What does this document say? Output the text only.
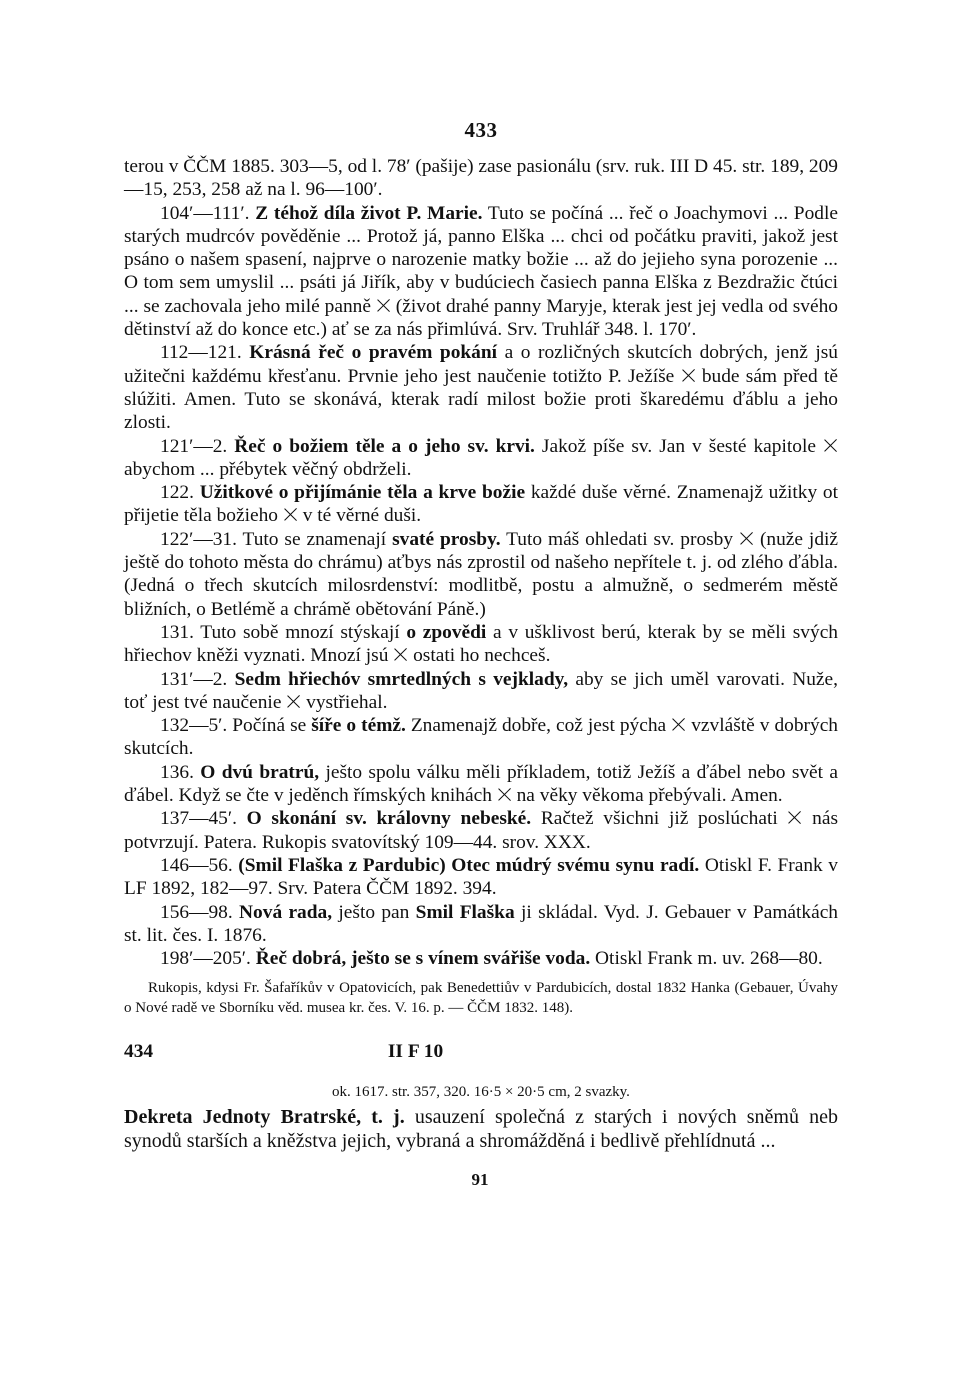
433

terou v ČČM 1885. 303—5, od l. 78′ (pašije) zase pasionálu (srv. ruk. III D 45. str. 189, 209—15, 253, 258 až na l. 96—100′.

104′—111′. Z téhož díla život P. Marie. Tuto se počíná ... řeč o Joachymovi ... Podle starých mudrcóv pověděnie ... Protož já, panno Elška ... chci od počátku praviti, jakož jest psáno o našem spasení, najprve o narozenie matky božie ... až do jejieho syna porozenie ... O tom sem umyslil ... psáti já Jiřík, aby v budúciech časiech panna Elška z Bezdražic čtúci ... se zachovala jeho milé panně  (život drahé panny Maryje, kterak jest jej vedla od svého dětinství až do konce etc.) ať se za nás přimlúvá. Srv. Truhlář 348. l. 170′.

112—121. Krásná řeč o pravém pokání a o rozličných skutcích dobrých, jenž jsú užitečni každému křesťanu. Prvnie jeho jest naučenie totižto P. Ježíše  bude sám před tě slúžiti. Amen. Tuto se skonává, kterak radí milost božie proti škaredému ďáblu a jeho zlosti.

121′—2. Řeč o božiem těle a o jeho sv. krvi. Jakož píše sv. Jan v šesté kapitole  abychom ... přébytek věčný obdrželi.

122. Užitkové o přijímánie těla a krve božie každé duše věrné. Znamenajž užitky ot přijetie těla božieho  v té věrné duši.

122′—31. Tuto se znamenají svaté prosby. Tuto máš ohledati sv. prosby  (nuže jdiž ještě do tohoto města do chrámu) aťbys nás zprostil od našeho nepřítele t. j. od zlého ďábla. (Jedná o třech skutcích milosrdenství: modlitbě, postu a almužně, o sedmerém městě bližních, o Betlémě a chrámě obětování Páně.)

131. Tuto sobě mnozí stýskají o zpovědi a v ušklivost berú, kterak by se měli svých hřiechov kněži vyznati. Mnozí jsú  ostati ho nechceš.

131′—2. Sedm hřiechóv smrtedlných s vejklady, aby se jich uměl varovati. Nuže, toť jest tvé naučenie  vystřiehal.

132—5′. Počíná se šíře o témž. Znamenajž dobře, což jest pýcha  vzvláště v dobrých skutcích.

136. O dvú bratrú, ješto spolu válku měli příkladem, totiž Ježíš a ďábel nebo svět a ďábel. Když se čte v jeděnch římských knihách  na věky věkoma přebývali. Amen.

137—45′. O skonání sv. královny nebeské. Račtež všichni již poslúchati  nás potvrzují. Patera. Rukopis svatovítský 109—44. srov. XXX.

146—56. (Smil Flaška z Pardubic) Otec múdrý svému synu radí. Otiskl F. Frank v LF 1892, 182—97. Srv. Patera ČČM 1892. 394.

156—98. Nová rada, ješto pan Smil Flaška ji skládal. Vyd. J. Gebauer v Památkách st. lit. čes. I. 1876.

198′—205′. Řeč dobrá, ješto se s vínem svářiše voda. Otiskl Frank m. uv. 268—80.

Rukopis, kdysi Fr. Šafaříkův v Opatovicích, pak Benedettiův v Pardubicích, dostal 1832 Hanka (Gebauer, Úvahy o Nové radě ve Sborníku věd. musea kr. čes. V. 16. p. — ČČM 1832. 148).

434	II F 10
ok. 1617. str. 357, 320. 16·5 × 20·5 cm, 2 svazky.

Dekreta Jednoty Bratrské, t. j. usauzení společná z starých i nových sněmů neb synodů starších a kněžstva jejich, vybraná a shromážděná i bedlivě přehlídnutá ...

91
